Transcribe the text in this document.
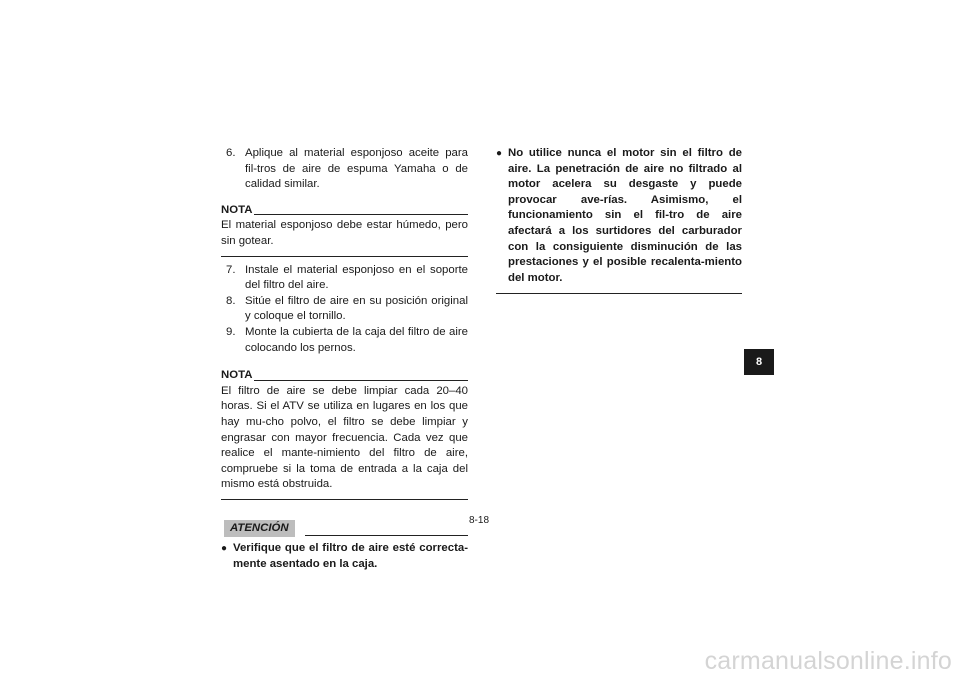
6. Aplique al material esponjoso aceite para fil-tros de aire de espuma Yamaha o de calidad similar.
NOTA
El material esponjoso debe estar húmedo, pero sin gotear.
7. Instale el material esponjoso en el soporte del filtro del aire.
8. Sitúe el filtro de aire en su posición original y coloque el tornillo.
9. Monte la cubierta de la caja del filtro de aire colocando los pernos.
NOTA
El filtro de aire se debe limpiar cada 20–40 horas. Si el ATV se utiliza en lugares en los que hay mu-cho polvo, el filtro se debe limpiar y engrasar con mayor frecuencia. Cada vez que realice el mante-nimiento del filtro de aire, compruebe si la toma de entrada a la caja del mismo está obstruida.
ATENCIÓN
● Verifique que el filtro de aire esté correcta-mente asentado en la caja.
● No utilice nunca el motor sin el filtro de aire. La penetración de aire no filtrado al motor acelera su desgaste y puede provocar ave-rías. Asimismo, el funcionamiento sin el fil-tro de aire afectará a los surtidores del carburador con la consiguiente disminución de las prestaciones y el posible recalenta-miento del motor.
8-18
8
carmanualsonline.info
